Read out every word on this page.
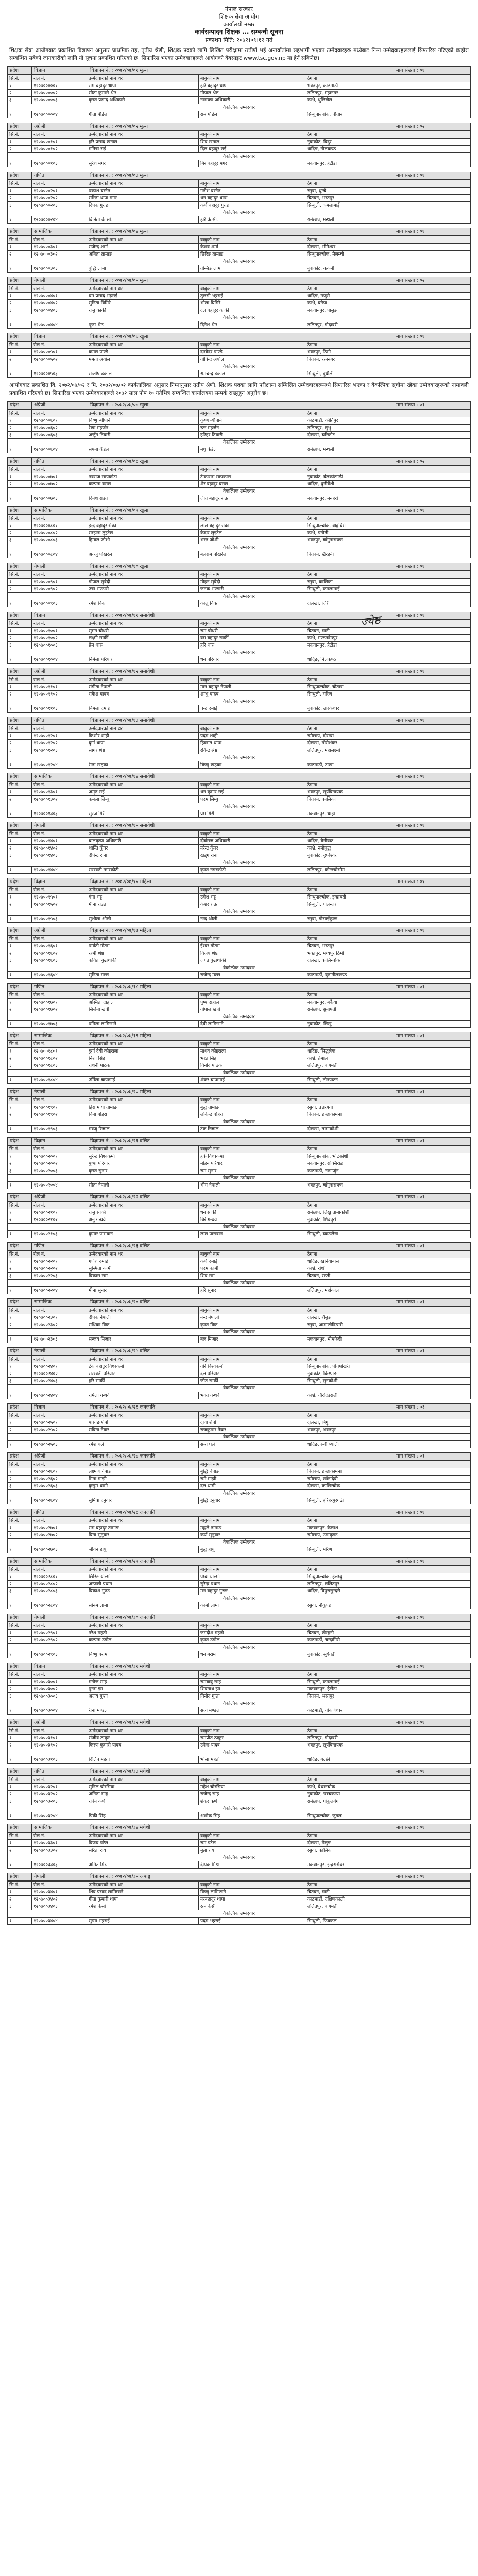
नेपाल सरकार
शिक्षक सेवा आयोग
कार्यालयी नम्बर
कार्यसम्पादन शिक्षक ... सम्बन्धी सूचना
प्रकाशन मिति: २०७२।०९।१२ गते
शिक्षक सेवा आयोगबाट प्रकाशित विज्ञापन अनुसार प्राथमिक तह, तृतीय श्रेणी, शिक्षक पदको लागि लिखित परीक्षामा उत्तीर्ण भई अन्तर्वार्तामा सहभागी भएका उम्मेदवारहरू मध्येबाट निम्न उम्मेदवारहरूलाई सिफारिस गरिएको व्यहोरा सम्बन्धित सबैको जानकारीको लागि यो सूचना प्रकाशित गरिएको छ। सिफारिस भएका उम्मेदवारहरूले आयोगको वेबसाइट www.tsc.gov.np मा हेर्न सकिनेछ।
प्रदेश	विज्ञान	विज्ञापन नं. : २०७२/०७/०१ मुल्य	माग संख्या : ०१
सि.नं.	रोल नं.	उम्मेदवारको नाम थर	बाबुको नाम	ठेगाना
१	१२०७०००००१	राम बहादुर थापा	हरि बहादुर थापा	भक्तपुर, काठमाडौं
२	१२०७०००००२	सीता कुमारी श्रेष्ठ	गोपाल श्रेष्ठ	ललितपुर, महानगर
३	१२०७०००००३	कृष्ण प्रसाद अधिकारी	नारायण अधिकारी	काभ्रे, धुलिखेल
वैकल्पिक उम्मेदवार				
१	१२०७०००००४	गीता पौडेल	राम पौडेल	सिन्धुपाल्चोक, चौतारा
प्रदेश	अंग्रेजी	विज्ञापन नं. : २०७२/०७/०२ मुल्य	माग संख्या : ०२
सि.नं.	रोल नं.	उम्मेदवारको नाम थर	बाबुको नाम	ठेगाना
१	१२०७०००१०१	हरि प्रसाद खनाल	शिव खनाल	नुवाकोट, विदुर
२	१२०७०००१०२	मनिषा राई	दिल बहादुर राई	धादिङ, नीलकण्ठ
वैकल्पिक उम्मेदवार				
१	१२०७०००१०३	सुरेश मगर	बिर बहादुर मगर	मकवानपुर, हेटौंडा
प्रदेश	गणित	विज्ञापन नं. : २०७२/०७/०३ मुल्य	माग संख्या : ०१
सि.नं.	रोल नं.	उम्मेदवारको नाम थर	बाबुको नाम	ठेगाना
१	१२०७०००२०१	प्रकाश बस्नेत	गणेश बस्नेत	रसुवा, धुन्चे
२	१२०७०००२०२	सरिता थापा मगर	धन बहादुर थापा	चितवन, भरतपुर
३	१२०७०००२०३	दिपक गुरुङ	कर्ण बहादुर गुरुङ	सिन्धुली, कमलामाई
वैकल्पिक उम्मेदवार				
१	१२०७०००२०४	बिनिता के.सी.	हरि के.सी.	रामेछाप, मन्थली
प्रदेश	सामाजिक	विज्ञापन नं. : २०७२/०७/०४ मुल्य	माग संख्या : ०१
सि.नं.	रोल नं.	उम्मेदवारको नाम थर	बाबुको नाम	ठेगाना
१	१२०७०००३०१	राजेन्द्र शर्मा	केशव शर्मा	दोलखा, भीमेश्वर
२	१२०७०००३०२	अनिता तामाङ	छिरिङ तामाङ	सिन्धुपाल्चोक, मेलम्ची
वैकल्पिक उम्मेदवार				
१	१२०७०००३०३	बुद्धि लामा	तेन्जिङ लामा	नुवाकोट, ककनी
प्रदेश	नेपाली	विज्ञापन नं. : २०७२/०७/०५ मुल्य	माग संख्या : ०२
सि.नं.	रोल नं.	उम्मेदवारको नाम थर	बाबुको नाम	ठेगाना
१	१२०७०००४०१	यम प्रसाद भट्टराई	तुलसी भट्टराई	धादिङ, गजुरी
२	१२०७०००४०२	सुनिता घिमिरे	भोला घिमिरे	काभ्रे, बनेपा
३	१२०७०००४०३	राजु कार्की	दल बहादुर कार्की	मकवानपुर, पालुङ
वैकल्पिक उम्मेदवार				
१	१२०७०००४०४	पूजा श्रेष्ठ	दिनेश श्रेष्ठ	ललितपुर, गोदावरी
प्रदेश	विज्ञान	विज्ञापन नं. : २०७२/०७/०६ खुला	माग संख्या : ०१
सि.नं.	रोल नं.	उम्मेदवारको नाम थर	बाबुको नाम	ठेगाना
१	१२०७०००५०१	कमल पाण्डे	दामोदर पाण्डे	भक्तपुर, ठिमी
२	१२०७०००५०२	ममता अर्याल	गोविन्द अर्याल	चितवन, रत्ननगर
वैकल्पिक उम्मेदवार				
१	१२०७०००५०३	सन्तोष ढकाल	रामचन्द्र ढकाल	सिन्धुली, दुधौली
आयोगबाट प्रकाशित वि. २०७२/०७/०२ र मि. २०७२/०७/०२ कार्यतालिका अनुसार निम्नानुसार तृतीय श्रेणी, शिक्षक पदका लागि परीक्षामा सम्मिलित उम्मेदवारहरूमध्ये सिफारिस भएका र वैकल्पिक सूचीमा रहेका उम्मेदवारहरूको नामावली प्रकाशित गरिएको छ। सिफारिस भएका उम्मेदवारहरूले २०७२ साल पौष १० गतेभित्र सम्बन्धित कार्यालयमा सम्पर्क राख्नुहुन अनुरोध छ।
प्रदेश	अंग्रेजी	विज्ञापन नं. : २०७२/०७/०७ खुला	माग संख्या : ०१
सि.नं.	रोल नं.	उम्मेदवारको नाम थर	बाबुको नाम	ठेगाना
१	१२०७०००६०१	विष्णु न्यौपाने	कृष्ण न्यौपाने	काठमाडौं, कीर्तिपुर
२	१२०७०००६०२	रेखा महर्जन	रत्न महर्जन	ललितपुर, लुभु
३	१२०७०००६०३	अर्जुन तिवारी	हरिहर तिवारी	दोलखा, चरिकोट
वैकल्पिक उम्मेदवार				
१	१२०७०००६०४	सपना कँडेल	मधु कँडेल	रामेछाप, मन्थली
प्रदेश	गणित	विज्ञापन नं. : २०७२/०७/०८ खुला	माग संख्या : ०२
सि.नं.	रोल नं.	उम्मेदवारको नाम थर	बाबुको नाम	ठेगाना
१	१२०७०००७०१	नवराज सापकोटा	टीकाराम सापकोटा	नुवाकोट, बेलकोटगढी
२	१२०७०००७०२	कल्पना बराल	शेर बहादुर बराल	धादिङ, धुनीबेंशी
वैकल्पिक उम्मेदवार				
१	१२०७०००७०३	दिनेश राउत	जीत बहादुर राउत	मकवानपुर, मनहरी
प्रदेश	सामाजिक	विज्ञापन नं. : २०७२/०७/०९ खुला	माग संख्या : ०१
सि.नं.	रोल नं.	उम्मेदवारको नाम थर	बाबुको नाम	ठेगाना
१	१२०७०००८०१	इन्द्र बहादुर रोका	लाल बहादुर रोका	सिन्धुपाल्चोक, बाह्रबिसे
२	१२०७०००८०२	सम्झना लुइटेल	केदार लुइटेल	काभ्रे, पनौती
३	१२०७०००८०३	हिमाल जोशी	भरत जोशी	भक्तपुर, चाँगुनारायण
वैकल्पिक उम्मेदवार				
१	१२०७०००८०४	अञ्जु पोखरेल	बलराम पोखरेल	चितवन, खैरहनी
प्रदेश	नेपाली	विज्ञापन नं. : २०७२/०७/१० खुला	माग संख्या : ०१
सि.नं.	रोल नं.	उम्मेदवारको नाम थर	बाबुको नाम	ठेगाना
१	१२०७०००९०१	गोपाल सुवेदी	मोहन सुवेदी	रसुवा, कालिका
२	१२०७०००९०२	उषा भण्डारी	जनक भण्डारी	सिन्धुली, कमलामाई
वैकल्पिक उम्मेदवार				
१	१२०७०००९०३	रमेश विक	कालु विक	दोलखा, जिरी
प्रदेश	विज्ञान	विज्ञापन नं. : २०७२/०७/११ समावेशी	माग संख्या : ०१
सि.नं.	रोल नं.	उम्मेदवारको नाम थर	बाबुको नाम	ठेगाना
१	१२०७००१००१	सुमन चौधरी	राम चौधरी	चितवन, माडी
२	१२०७००१००२	लक्ष्मी सार्की	बम बहादुर सार्की	काभ्रे, मण्डनदेउपुर
३	१२०७००१००३	प्रेम थारु	हरि थारु	मकवानपुर, हेटौंडा
वैकल्पिक उम्मेदवार				
१	१२०७००१००४	निर्मला परियार	धन परियार	धादिङ, निलकण्ठ
प्रदेश	अंग्रेजी	विज्ञापन नं. : २०७२/०७/१२ समावेशी	माग संख्या : ०१
सि.नं.	रोल नं.	उम्मेदवारको नाम थर	बाबुको नाम	ठेगाना
१	१२०७००११०१	संगीता नेपाली	मान बहादुर नेपाली	सिन्धुपाल्चोक, चौतारा
२	१२०७००११०२	राकेश यादव	शम्भु यादव	सिन्धुली, मरिण
वैकल्पिक उम्मेदवार				
१	१२०७००११०३	बिमला दमाई	चन्द्र दमाई	नुवाकोट, तारकेश्वर
प्रदेश	गणित	विज्ञापन नं. : २०७२/०७/१३ समावेशी	माग संख्या : ०१
सि.नं.	रोल नं.	उम्मेदवारको नाम थर	बाबुको नाम	ठेगाना
१	१२०७००१२०१	किशोर शाही	पदम शाही	रामेछाप, दोरम्बा
२	१२०७००१२०२	दुर्गा थापा	हिक्मत थापा	दोलखा, गौरीशंकर
३	१२०७००१२०३	सागर श्रेष्ठ	रविन्द्र श्रेष्ठ	ललितपुर, महालक्ष्मी
वैकल्पिक उम्मेदवार				
१	१२०७००१२०४	रीता खड्का	बिष्णु खड्का	काठमाडौं, टोखा
प्रदेश	सामाजिक	विज्ञापन नं. : २०७२/०७/१४ समावेशी	माग संख्या : ०१
सि.नं.	रोल नं.	उम्मेदवारको नाम थर	बाबुको नाम	ठेगाना
१	१२०७००१३०१	अमृत राई	धन कुमार राई	भक्तपुर, सूर्यविनायक
२	१२०७००१३०२	कमला लिम्बु	पदम लिम्बु	चितवन, कालिका
वैकल्पिक उम्मेदवार				
१	१२०७००१३०३	सुरज गिरी	प्रेम गिरी	मकवानपुर, थाहा
प्रदेश	नेपाली	विज्ञापन नं. : २०७२/०७/१५ समावेशी	माग संख्या : ०१
सि.नं.	रोल नं.	उम्मेदवारको नाम थर	बाबुको नाम	ठेगाना
१	१२०७००१४०१	बालकृष्ण अधिकारी	दीर्घराज अधिकारी	धादिङ, बेनीघाट
२	१२०७००१४०२	शान्ति कुँवर	नरेन्द्र कुँवर	काभ्रे, नमोबुद्ध
३	१२०७००१४०३	दीपेन्द्र राना	खड्ग राना	नुवाकोट, दुप्चेश्वर
वैकल्पिक उम्मेदवार				
१	१२०७००१४०४	सरस्वती नगरकोटी	कृष्ण नगरकोटी	ललितपुर, कोन्ज्योसोम
प्रदेश	विज्ञान	विज्ञापन नं. : २०७२/०७/१६ महिला	माग संख्या : ०१
सि.नं.	रोल नं.	उम्मेदवारको नाम थर	बाबुको नाम	ठेगाना
१	१२०७००१५०१	गंगा भट्ट	उमेश भट्ट	सिन्धुपाल्चोक, इन्द्रावती
२	१२०७००१५०२	मीना राउत	केशर राउत	सिन्धुली, गोलन्जर
वैकल्पिक उम्मेदवार				
१	१२०७००१५०३	सुशीला ओली	नन्द ओली	रसुवा, गोसाइँकुण्ड
प्रदेश	अंग्रेजी	विज्ञापन नं. : २०७२/०७/१७ महिला	माग संख्या : ०१
सि.नं.	रोल नं.	उम्मेदवारको नाम थर	बाबुको नाम	ठेगाना
१	१२०७००१६०१	पार्वती गौतम	ईश्वर गौतम	चितवन, भरतपुर
२	१२०७००१६०२	रश्मी श्रेष्ठ	विजय श्रेष्ठ	भक्तपुर, मध्यपुर ठिमी
३	१२०७००१६०३	कविता बुढाथोकी	जगत बुढाथोकी	दोलखा, कालिन्चोक
वैकल्पिक उम्मेदवार				
१	१२०७००१६०४	सुनिता मल्ल	राजेन्द्र मल्ल	काठमाडौं, बुढानीलकण्ठ
प्रदेश	गणित	विज्ञापन नं. : २०७२/०७/१८ महिला	माग संख्या : ०१
सि.नं.	रोल नं.	उम्मेदवारको नाम थर	बाबुको नाम	ठेगाना
१	१२०७००१७०१	अस्मिता दाहाल	पुष्प दाहाल	मकवानपुर, बकैया
२	१२०७००१७०२	सिर्जना खत्री	गोपाल खत्री	रामेछाप, सुनापती
वैकल्पिक उम्मेदवार				
१	१२०७००१७०३	प्रमिला लामिछाने	देवी लामिछाने	नुवाकोट, लिखु
प्रदेश	सामाजिक	विज्ञापन नं. : २०७२/०७/१९ महिला	माग संख्या : ०१
सि.नं.	रोल नं.	उम्मेदवारको नाम थर	बाबुको नाम	ठेगाना
१	१२०७००१८०१	दुर्गा देवी कोइराला	माधव कोइराला	धादिङ, सिद्धलेक
२	१२०७००१८०२	निशा सिंह	भरत सिंह	काभ्रे, तेमाल
३	१२०७००१८०३	रोशनी पाठक	विनोद पाठक	ललितपुर, बागमती
वैकल्पिक उम्मेदवार				
१	१२०७००१८०४	उर्मिला चापागाईं	शंकर चापागाईं	सिन्धुली, तीनपाटन
प्रदेश	नेपाली	विज्ञापन नं. : २०७२/०७/२० महिला	माग संख्या : ०१
सि.नं.	रोल नं.	उम्मेदवारको नाम थर	बाबुको नाम	ठेगाना
१	१२०७००१९०१	हिरा माया तामाङ	बुद्ध तामाङ	रसुवा, उत्तरगया
२	१२०७००१९०२	विना बोहरा	लोकेन्द्र बोहरा	चितवन, इच्छाकामना
वैकल्पिक उम्मेदवार				
१	१२०७००१९०३	मञ्जु रिजाल	टंक रिजाल	दोलखा, तामाकोशी
प्रदेश	विज्ञान	विज्ञापन नं. : २०७२/०७/२१ दलित	माग संख्या : ०१
सि.नं.	रोल नं.	उम्मेदवारको नाम थर	बाबुको नाम	ठेगाना
१	१२०७००२००१	सुरेन्द्र विश्वकर्मा	हर्क विश्वकर्मा	सिन्धुपाल्चोक, भोटेकोशी
२	१२०७००२००२	पुष्पा परियार	मोहन परियार	मकवानपुर, राक्सिराङ
३	१२०७००२००३	कृष्ण सुनार	राम सुनार	काठमाडौं, नागार्जुन
वैकल्पिक उम्मेदवार				
१	१२०७००२००४	सीता नेपाली	भीम नेपाली	भक्तपुर, चाँगुनारायण
प्रदेश	अंग्रेजी	विज्ञापन नं. : २०७२/०७/२२ दलित	माग संख्या : ०१
सि.नं.	रोल नं.	उम्मेदवारको नाम थर	बाबुको नाम	ठेगाना
१	१२०७००२१०१	राजु सार्की	धन सार्की	रामेछाप, लिखु तामाकोशी
२	१२०७००२१०२	अनु गन्धर्व	बिरे गन्धर्व	नुवाकोट, शिवपुरी
वैकल्पिक उम्मेदवार				
१	१२०७००२१०३	कुमार पासवान	लाल पासवान	सिन्धुली, घ्याङलेख
प्रदेश	गणित	विज्ञापन नं. : २०७२/०७/२३ दलित	माग संख्या : ०१
सि.नं.	रोल नं.	उम्मेदवारको नाम थर	बाबुको नाम	ठेगाना
१	१२०७००२२०१	गणेश दमाई	कर्ण दमाई	धादिङ, खनियाबास
२	१२०७००२२०२	सुस्मिता कामी	पदम कामी	काभ्रे, रोशी
३	१२०७००२२०३	विकास राम	शिव राम	चितवन, राप्ती
वैकल्पिक उम्मेदवार				
१	१२०७००२२०४	मीना सुनार	हरि सुनार	ललितपुर, महांकाल
प्रदेश	सामाजिक	विज्ञापन नं. : २०७२/०७/२४ दलित	माग संख्या : ०१
सि.नं.	रोल नं.	उम्मेदवारको नाम थर	बाबुको नाम	ठेगाना
१	१२०७००२३०१	दीपक नेपाली	नन्द नेपाली	दोलखा, शैलुङ
२	१२०७००२३०२	राधिका विक	कृष्ण विक	रसुवा, आमाछोदिङमो
वैकल्पिक उम्मेदवार				
१	१२०७००२३०३	सन्जय मिजार	बल मिजार	मकवानपुर, भीमफेदी
प्रदेश	नेपाली	विज्ञापन नं. : २०७२/०७/२५ दलित	माग संख्या : ०१
सि.नं.	रोल नं.	उम्मेदवारको नाम थर	बाबुको नाम	ठेगाना
१	१२०७००२४०१	टेक बहादुर विश्वकर्मा	गोरे विश्वकर्मा	सिन्धुपाल्चोक, पाँचपोखरी
२	१२०७००२४०२	सरस्वती परियार	दल परियार	नुवाकोट, किस्पाङ
३	१२०७००२४०३	हरि सार्की	जीत सार्की	सिन्धुली, सुनकोशी
वैकल्पिक उम्मेदवार				
१	१२०७००२४०४	रमिला गन्धर्व	भक्त गन्धर्व	काभ्रे, चौंरीदेउराली
प्रदेश	विज्ञान	विज्ञापन नं. : २०७२/०७/२६ जनजाति	माग संख्या : ०१
सि.नं.	रोल नं.	उम्मेदवारको नाम थर	बाबुको नाम	ठेगाना
१	१२०७००२५०१	पासाङ शेर्पा	दावा शेर्पा	दोलखा, बिगु
२	१२०७००२५०२	सविना नेवार	राजकुमार नेवार	भक्तपुर, भक्तपुर
वैकल्पिक उम्मेदवार				
१	१२०७००२५०३	रमेश घले	सन्त घले	धादिङ, रुबी भ्याली
प्रदेश	अंग्रेजी	विज्ञापन नं. : २०७२/०७/२७ जनजाति	माग संख्या : ०१
सि.नं.	रोल नं.	उम्मेदवारको नाम थर	बाबुको नाम	ठेगाना
१	१२०७००२६०१	लक्ष्मण चेपाङ	बुद्धि चेपाङ	चितवन, इच्छाकामना
२	१२०७००२६०२	मिना माझी	रामे माझी	रामेछाप, खाँडादेवी
३	१२०७००२६०३	कुसुम थामी	दल थामी	दोलखा, कालिन्चोक
वैकल्पिक उम्मेदवार				
१	१२०७००२६०४	सुमित्रा दनुवार	बुद्धि दनुवार	सिन्धुली, हरिहरपुरगढी
प्रदेश	गणित	विज्ञापन नं. : २०७२/०७/२८ जनजाति	माग संख्या : ०१
सि.नं.	रोल नं.	उम्मेदवारको नाम थर	बाबुको नाम	ठेगाना
१	१२०७००२७०१	राम बहादुर तामाङ	मङ्गले तामाङ	मकवानपुर, कैलाश
२	१२०७००२७०२	बिना सुनुवार	कर्ण सुनुवार	रामेछाप, उमाकुण्ड
वैकल्पिक उम्मेदवार				
१	१२०७००२७०३	जीवन हायु	बुद्ध हायु	सिन्धुली, मरिण
प्रदेश	सामाजिक	विज्ञापन नं. : २०७२/०७/२९ जनजाति	माग संख्या : ०१
सि.नं.	रोल नं.	उम्मेदवारको नाम थर	बाबुको नाम	ठेगाना
१	१२०७००२८०१	छिरिङ योल्मो	पेम्बा योल्मो	सिन्धुपाल्चोक, हेलम्बु
२	१२०७००२८०२	अन्जली प्रधान	सुरेन्द्र प्रधान	ललितपुर, ललितपुर
३	१२०७००२८०३	बिकाश गुरुङ	मन बहादुर गुरुङ	धादिङ, त्रिपुरासुन्दरी
वैकल्पिक उम्मेदवार				
१	१२०७००२८०४	सोनम लामा	कार्मा लामा	रसुवा, नौकुण्ड
प्रदेश	नेपाली	विज्ञापन नं. : २०७२/०७/३० जनजाति	माग संख्या : ०१
सि.नं.	रोल नं.	उम्मेदवारको नाम थर	बाबुको नाम	ठेगाना
१	१२०७००२९०१	नरेश महतो	जगदीश महतो	चितवन, खैरहनी
२	१२०७००२९०२	कल्पना डंगोल	कृष्ण डंगोल	काठमाडौं, चन्द्रागिरी
वैकल्पिक उम्मेदवार				
१	१२०७००२९०३	बिष्णु बराम	धन बराम	नुवाकोट, सुर्यगढी
प्रदेश	विज्ञान	विज्ञापन नं. : २०७२/०७/३१ मधेशी	माग संख्या : ०१
सि.नं.	रोल नं.	उम्मेदवारको नाम थर	बाबुको नाम	ठेगाना
१	१२०७००३००१	मनोज साह	रामबाबु साह	सिन्धुली, कमलामाई
२	१२०७००३००२	पुनम झा	शिवनाथ झा	मकवानपुर, हेटौंडा
३	१२०७००३००३	अजय गुप्ता	विनोद गुप्ता	चितवन, भरतपुर
वैकल्पिक उम्मेदवार				
१	१२०७००३००४	रीना मण्डल	सत्य मण्डल	काठमाडौं, गोकर्णेश्वर
प्रदेश	अंग्रेजी	विज्ञापन नं. : २०७२/०७/३२ मधेशी	माग संख्या : ०१
सि.नं.	रोल नं.	उम्मेदवारको नाम थर	बाबुको नाम	ठेगाना
१	१२०७००३१०१	संजीव ठाकुर	रामप्रीत ठाकुर	ललितपुर, गोदावरी
२	१२०७००३१०२	किरण कुमारी यादव	उपेन्द्र यादव	भक्तपुर, सूर्यविनायक
वैकल्पिक उम्मेदवार				
१	१२०७००३१०३	दिलिप महतो	भोला महतो	धादिङ, गल्छी
प्रदेश	गणित	विज्ञापन नं. : २०७२/०७/३३ मधेशी	माग संख्या : ०१
सि.नं.	रोल नं.	उम्मेदवारको नाम थर	बाबुको नाम	ठेगाना
१	१२०७००३२०१	सुनिल चौरसिया	महेश चौरसिया	काभ्रे, बेथानचोक
२	१२०७००३२०२	अनिता साह	राजेन्द्र साह	नुवाकोट, पञ्चकन्या
३	१२०७००३२०३	रविन कर्ण	शंकर कर्ण	रामेछाप, गोकुलगंगा
वैकल्पिक उम्मेदवार				
१	१२०७००३२०४	पिंकी सिंह	अशोक सिंह	सिन्धुपाल्चोक, जुगल
प्रदेश	सामाजिक	विज्ञापन नं. : २०७२/०७/३४ मधेशी	माग संख्या : ०१
सि.नं.	रोल नं.	उम्मेदवारको नाम थर	बाबुको नाम	ठेगाना
१	१२०७००३३०१	विजय पटेल	राम पटेल	दोलखा, मेलुङ
२	१२०७००३३०२	सरिता राय	मुन्ना राय	रसुवा, कालिका
वैकल्पिक उम्मेदवार				
१	१२०७००३३०३	अमित मिश्र	दीपक मिश्र	मकवानपुर, इन्द्रसरोवर
प्रदेश	नेपाली	विज्ञापन नं. : २०७२/०७/३५ अपाङ्ग	माग संख्या : ०१
सि.नं.	रोल नं.	उम्मेदवारको नाम थर	बाबुको नाम	ठेगाना
१	१२०७००३४०१	शिव प्रसाद लामिछाने	विष्णु लामिछाने	चितवन, माडी
२	१२०७००३४०२	गीता कुमारी थापा	नरबहादुर थापा	काठमाडौं, दक्षिणकाली
३	१२०७००३४०३	रमेश केसी	रत्न केसी	ललितपुर, बागमती
वैकल्पिक उम्मेदवार				
१	१२०७००३४०४	सुष्मा भट्टराई	पदम भट्टराई	सिन्धुली, फिक्कल
ज्येष्ठ
